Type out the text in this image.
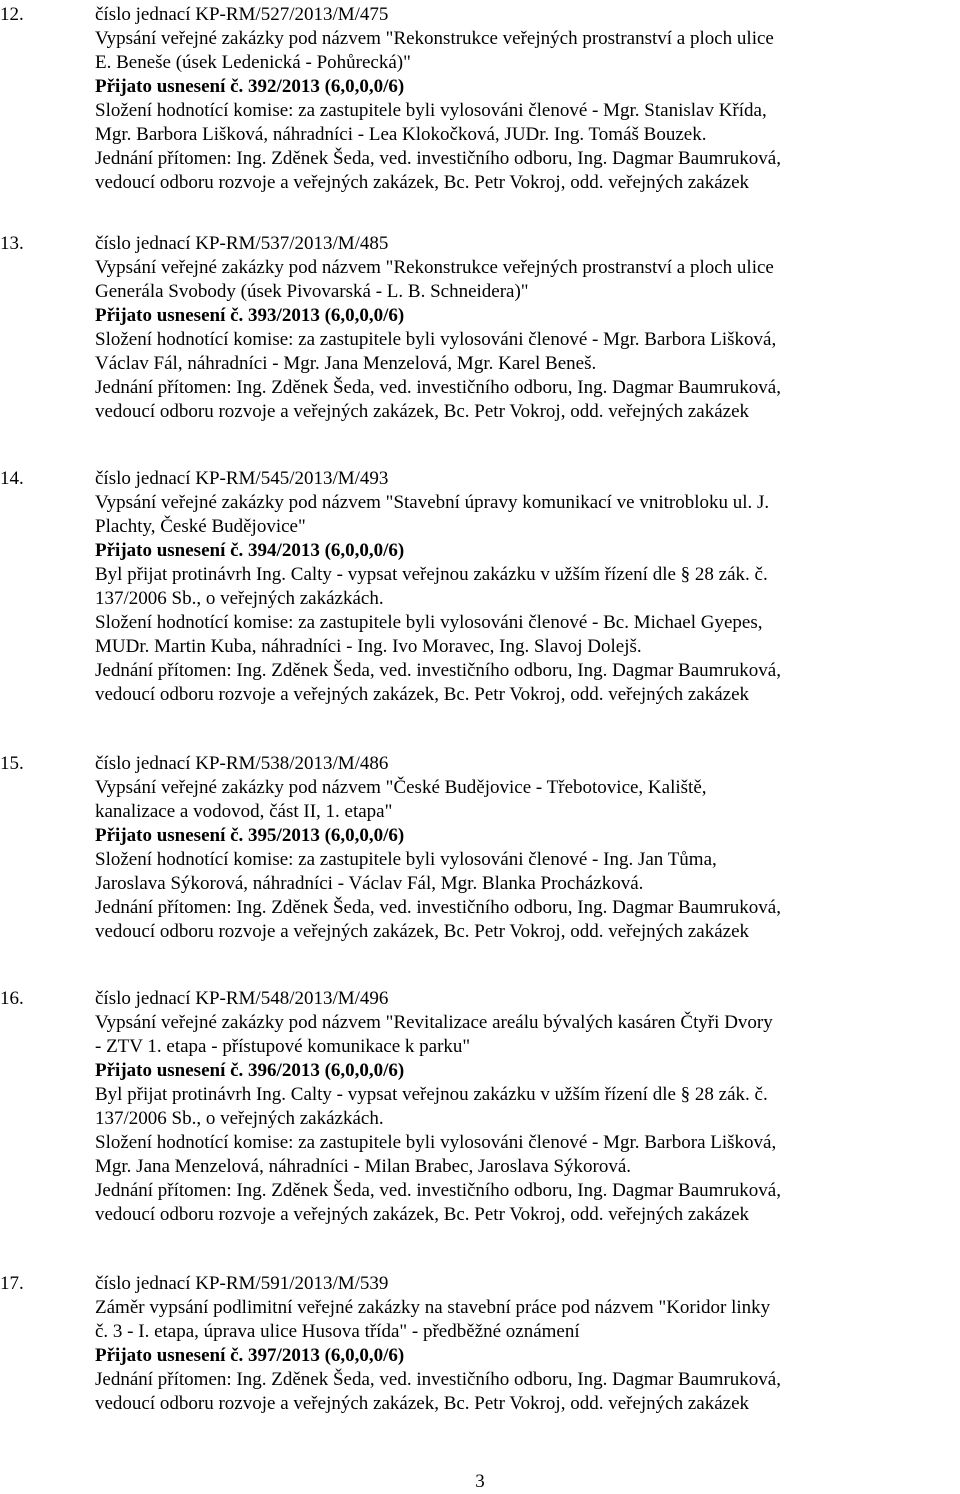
12.	číslo jednací KP-RM/527/2013/M/475
Vypsání veřejné zakázky pod názvem "Rekonstrukce veřejných prostranství a ploch ulice
E. Beneše (úsek Ledenická - Pohůrecká)"
Přijato usnesení č. 392/2013 (6,0,0,0/6)
Složení hodnotící komise: za zastupitele byli vylosováni členové - Mgr. Stanislav Křída,
Mgr. Barbora Lišková, náhradníci - Lea Klokočková, JUDr. Ing. Tomáš Bouzek.
Jednání přítomen: Ing. Zděnek Šeda, ved. investičního odboru, Ing. Dagmar Baumruková,
vedoucí odboru rozvoje a veřejných zakázek, Bc. Petr Vokroj, odd. veřejných zakázek
13.	číslo jednací KP-RM/537/2013/M/485
Vypsání veřejné zakázky pod názvem "Rekonstrukce veřejných prostranství a ploch ulice
Generála Svobody (úsek Pivovarská - L. B. Schneidera)"
Přijato usnesení č. 393/2013 (6,0,0,0/6)
Složení hodnotící komise: za zastupitele byli vylosováni členové - Mgr. Barbora Lišková,
Václav Fál, náhradníci - Mgr. Jana Menzelová, Mgr. Karel Beneš.
Jednání přítomen: Ing. Zděnek Šeda, ved. investičního odboru, Ing. Dagmar Baumruková,
vedoucí odboru rozvoje a veřejných zakázek, Bc. Petr Vokroj, odd. veřejných zakázek
14.	číslo jednací KP-RM/545/2013/M/493
Vypsání veřejné zakázky pod názvem "Stavební úpravy komunikací ve vnitrobloku ul. J.
Plachty, České Budějovice"
Přijato usnesení č. 394/2013 (6,0,0,0/6)
Byl přijat protinávrh Ing. Calty - vypsat veřejnou zakázku v užším řízení dle § 28 zák. č.
137/2006 Sb., o veřejných zakázkách.
Složení hodnotící komise: za zastupitele byli vylosováni členové - Bc. Michael Gyepes,
MUDr. Martin Kuba, náhradníci - Ing. Ivo Moravec, Ing. Slavoj Dolejš.
Jednání přítomen: Ing. Zděnek Šeda, ved. investičního odboru, Ing. Dagmar Baumruková,
vedoucí odboru rozvoje a veřejných zakázek, Bc. Petr Vokroj, odd. veřejných zakázek
15.	číslo jednací KP-RM/538/2013/M/486
Vypsání veřejné zakázky pod názvem "České Budějovice - Třebotovice, Kaliště,
kanalizace a vodovod, část II, 1. etapa"
Přijato usnesení č. 395/2013 (6,0,0,0/6)
Složení hodnotící komise: za zastupitele byli vylosováni členové - Ing. Jan Tůma,
Jaroslava Sýkorová, náhradníci - Václav Fál, Mgr. Blanka Procházková.
Jednání přítomen: Ing. Zděnek Šeda, ved. investičního odboru, Ing. Dagmar Baumruková,
vedoucí odboru rozvoje a veřejných zakázek, Bc. Petr Vokroj, odd. veřejných zakázek
16.	číslo jednací KP-RM/548/2013/M/496
Vypsání veřejné zakázky pod názvem "Revitalizace areálu bývalých kasáren Čtyři Dvory
- ZTV 1. etapa - přístupové komunikace k parku"
Přijato usnesení č. 396/2013 (6,0,0,0/6)
Byl přijat protinávrh Ing. Calty - vypsat veřejnou zakázku v užším řízení dle § 28 zák. č.
137/2006 Sb., o veřejných zakázkách.
Složení hodnotící komise: za zastupitele byli vylosováni členové - Mgr. Barbora Lišková,
Mgr. Jana Menzelová, náhradníci - Milan Brabec, Jaroslava Sýkorová.
Jednání přítomen: Ing. Zděnek Šeda, ved. investičního odboru, Ing. Dagmar Baumruková,
vedoucí odboru rozvoje a veřejných zakázek, Bc. Petr Vokroj, odd. veřejných zakázek
17.	číslo jednací KP-RM/591/2013/M/539
Záměr vypsání podlimitní veřejné zakázky na stavební práce pod názvem "Koridor linky
č. 3 - I. etapa, úprava ulice Husova třída" - předběžné oznámení
Přijato usnesení č. 397/2013 (6,0,0,0/6)
Jednání přítomen: Ing. Zděnek Šeda, ved. investičního odboru, Ing. Dagmar Baumruková,
vedoucí odboru rozvoje a veřejných zakázek, Bc. Petr Vokroj, odd. veřejných zakázek
3
